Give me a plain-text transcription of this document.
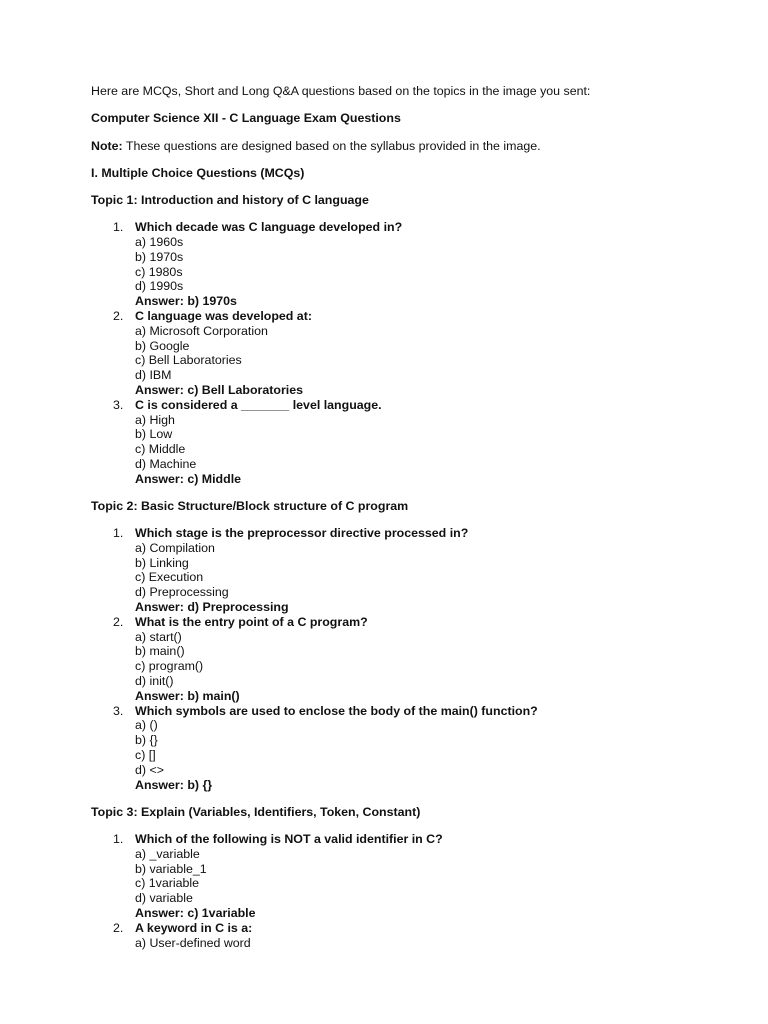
Here are MCQs, Short and Long Q&A questions based on the topics in the image you sent:

Computer Science XII - C Language Exam Questions

Note: These questions are designed based on the syllabus provided in the image.

I. Multiple Choice Questions (MCQs)

Topic 1: Introduction and history of C language

1. Which decade was C language developed in?
a) 1960s
b) 1970s
c) 1980s
d) 1990s
Answer: b) 1970s
2. C language was developed at:
a) Microsoft Corporation
b) Google
c) Bell Laboratories
d) IBM
Answer: c) Bell Laboratories
3. C is considered a _______ level language.
a) High
b) Low
c) Middle
d) Machine
Answer: c) Middle

Topic 2: Basic Structure/Block structure of C program

1. Which stage is the preprocessor directive processed in?
a) Compilation
b) Linking
c) Execution
d) Preprocessing
Answer: d) Preprocessing
2. What is the entry point of a C program?
a) start()
b) main()
c) program()
d) init()
Answer: b) main()
3. Which symbols are used to enclose the body of the main() function?
a) ()
b) {}
c) []
d) <>
Answer: b) {}

Topic 3: Explain (Variables, Identifiers, Token, Constant)

1. Which of the following is NOT a valid identifier in C?
a) _variable
b) variable_1
c) 1variable
d) variable
Answer: c) 1variable
2. A keyword in C is a:
a) User-defined word
